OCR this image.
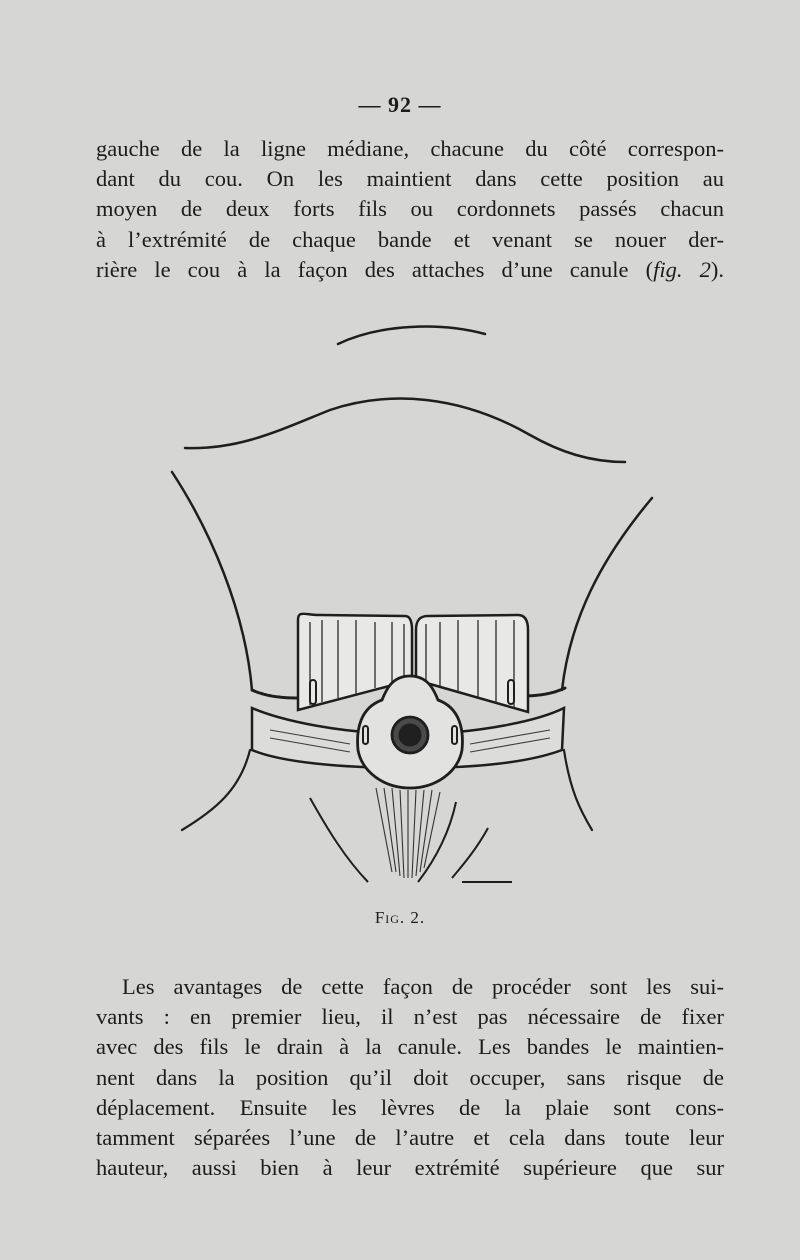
— 92 —
gauche de la ligne médiane, chacune du côté correspon-
dant du cou. On les maintient dans cette position au
moyen de deux forts fils ou cordonnets passés chacun
à l’extrémité de chaque bande et venant se nouer der-
rière le cou à la façon des attaches d’une canule (fig. 2).
Fig. 2.
Les avantages de cette façon de procéder sont les sui-
vants : en premier lieu, il n’est pas nécessaire de fixer
avec des fils le drain à la canule. Les bandes le maintien-
nent dans la position qu’il doit occuper, sans risque de
déplacement. Ensuite les lèvres de la plaie sont cons-
tamment séparées l’une de l’autre et cela dans toute leur
hauteur, aussi bien à leur extrémité supérieure que sur
